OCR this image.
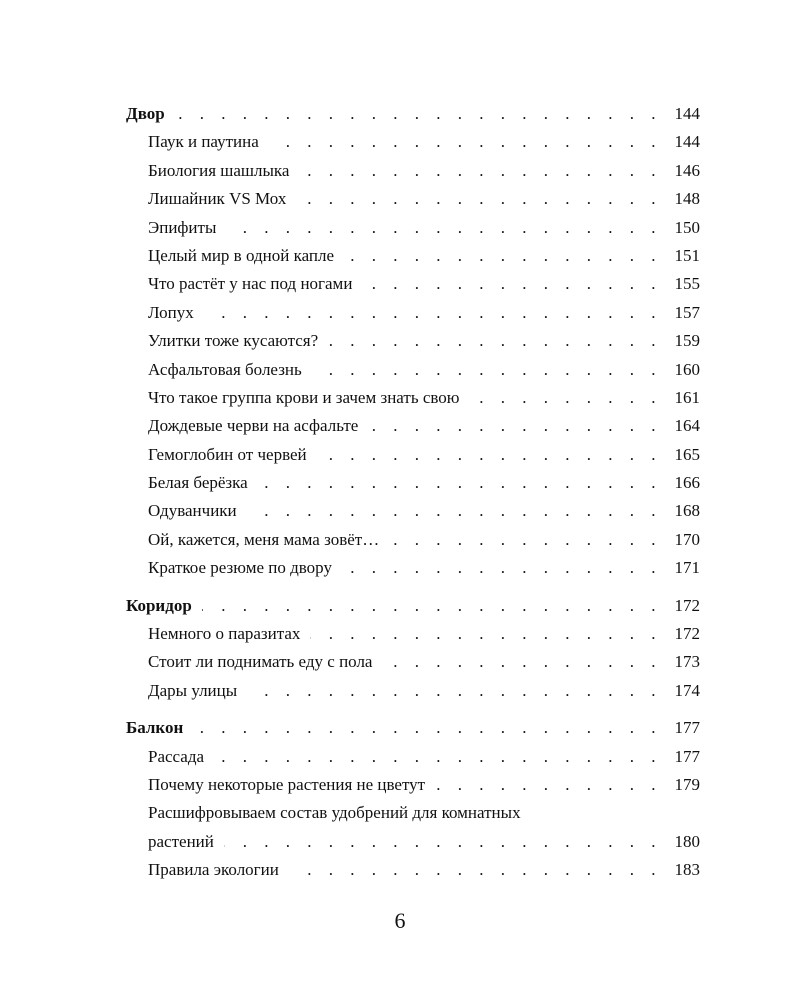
Двор . . .	144
Паук и паутина . . .	144
Биология шашлыка . . .	146
Лишайник VS Мох . . .	148
Эпифиты . . .	150
Целый мир в одной капле . . .	151
Что растёт у нас под ногами . . .	155
Лопух . . .	157
Улитки тоже кусаются? . . .	159
Асфальтовая болезнь . . .	160
Что такое группа крови и зачем знать свою . . .	161
Дождевые черви на асфальте . . .	164
Гемоглобин от червей . . .	165
Белая берёзка . . .	166
Одуванчики . . .	168
Ой, кажется, меня мама зовёт… . . .	170
Краткое резюме по двору . . .	171
Коридор . . .	172
Немного о паразитах . . .	172
Стоит ли поднимать еду с пола . . .	173
Дары улицы . . .	174
Балкон . . .	177
Рассада . . .	177
Почему некоторые растения не цветут . . .	179
Расшифровываем состав удобрений для комнатных
растений . . .	180
Правила экологии . . .	183
6
